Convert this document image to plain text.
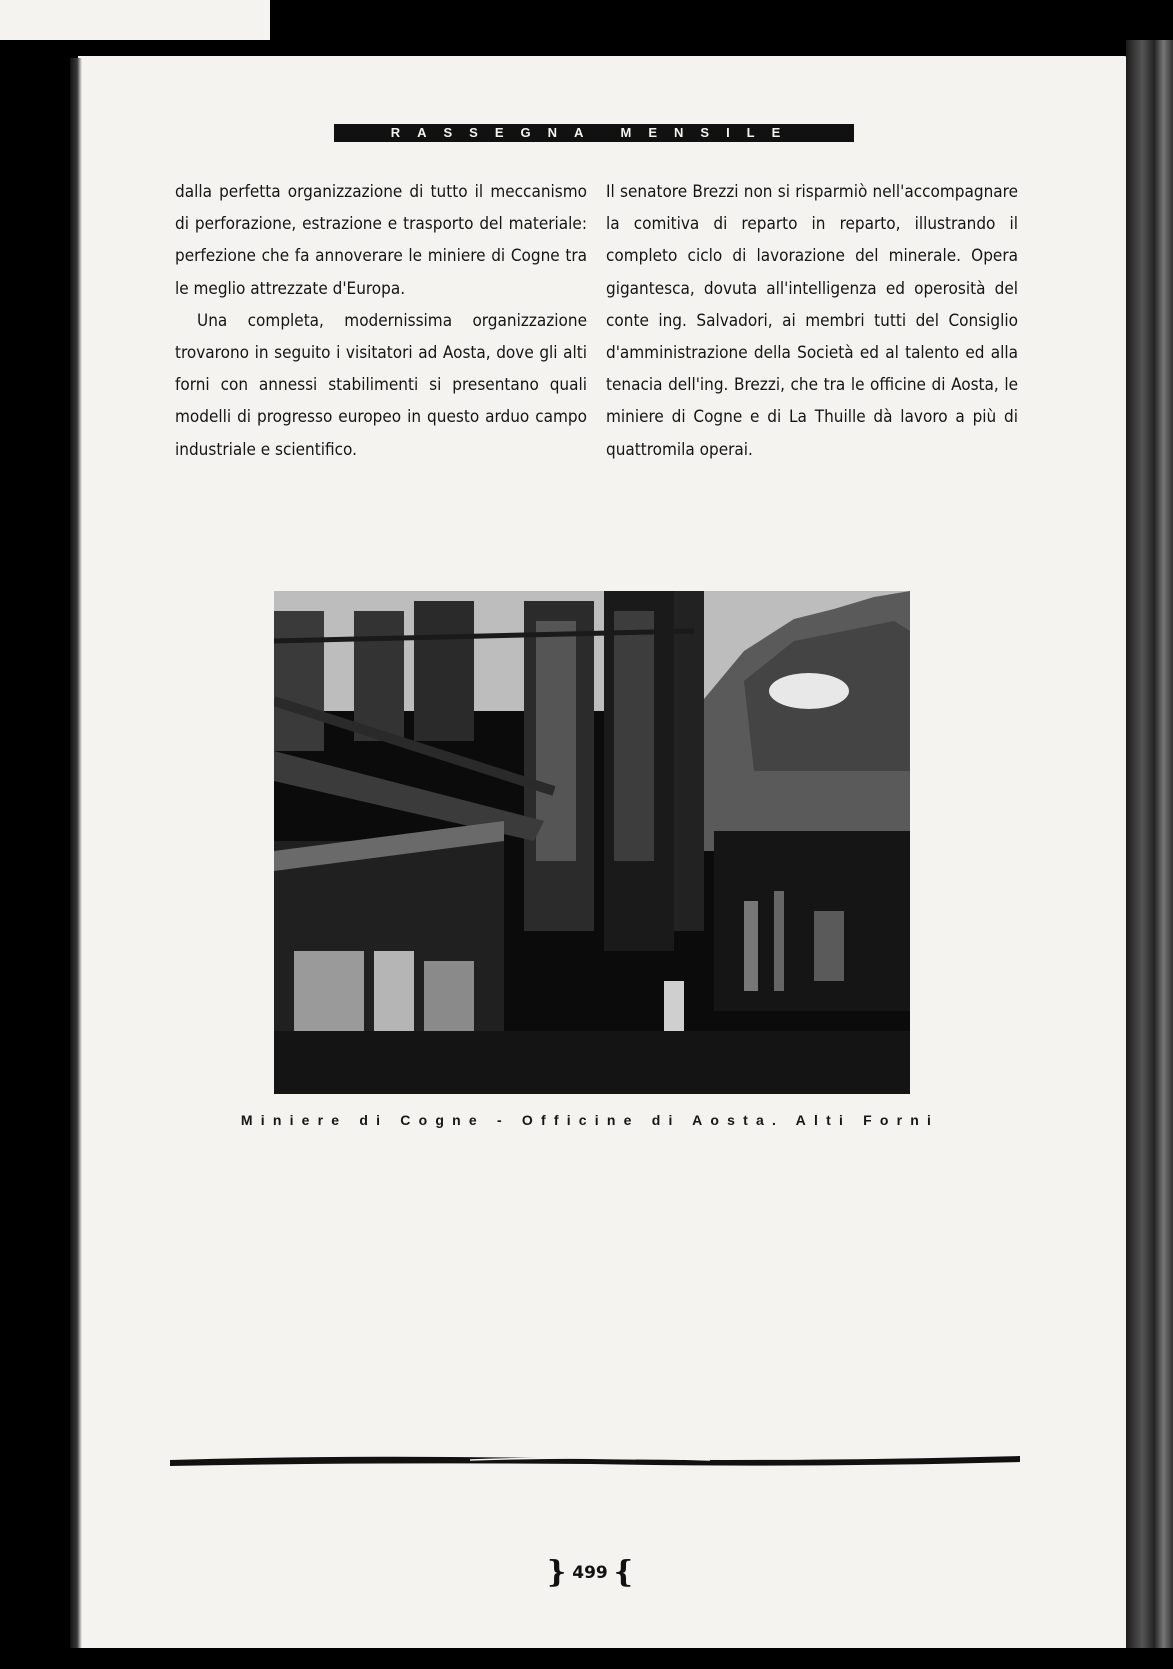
RASSEGNA MENSILE

dalla perfetta organizzazione di tutto il meccanismo di perforazione, estrazione e trasporto del materiale: perfezione che fa annoverare le miniere di Cogne tra le meglio attrezzate d'Europa.

Una completa, modernissima organizzazione trovarono in seguito i visitatori ad Aosta, dove gli alti forni con annessi stabilimenti si presentano quali modelli di progresso europeo in questo arduo campo industriale e scientifico.

Il senatore Brezzi non si risparmiò nell'accompagnare la comitiva di reparto in reparto, illustrando il completo ciclo di lavorazione del minerale. Opera gigantesca, dovuta all'intelligenza ed operosità del conte ing. Salvadori, ai membri tutti del Consiglio d'amministrazione della Società ed al talento ed alla tenacia dell'ing. Brezzi, che tra le officine di Aosta, le miniere di Cogne e di La Thuille dà lavoro a più di quattromila operai.

Miniere di Cogne - Officine di Aosta. Alti Forni
} 499 {
